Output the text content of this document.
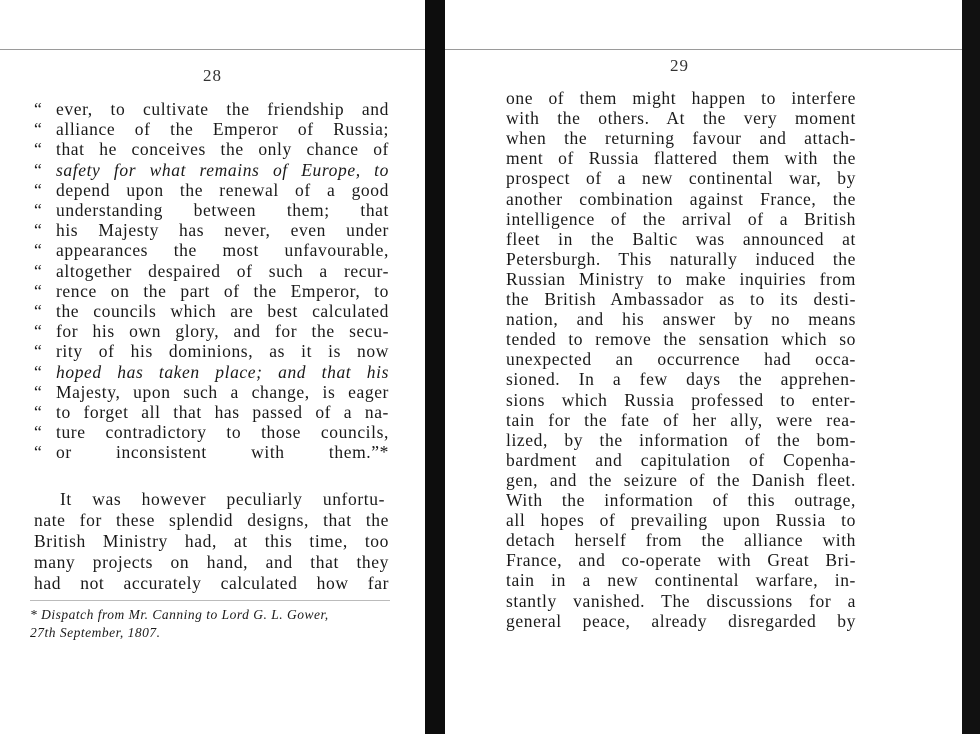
28
“ ever, to cultivate the friendship and
“ alliance of the Emperor of Russia;
“ that he conceives the only chance of
“ safety for what remains of Europe, to
“ depend upon the renewal of a good
“ understanding between them; that
“ his Majesty has never, even under
“ appearances the most unfavourable,
“ altogether despaired of such a recur-
“ rence on the part of the Emperor, to
“ the councils which are best calculated
“ for his own glory, and for the secu-
“ rity of his dominions, as it is now
“ hoped has taken place; and that his
“ Majesty, upon such a change, is eager
“ to forget all that has passed of a na-
“ ture contradictory to those councils,
“ or inconsistent with them.”*
It was however peculiarly unfortu-
nate for these splendid designs, that the
British Ministry had, at this time, too
many projects on hand, and that they
had not accurately calculated how far
* Dispatch from Mr. Canning to Lord G. L. Gower,
27th September, 1807.
29
one of them might happen to interfere
with the others. At the very moment
when the returning favour and attach-
ment of Russia flattered them with the
prospect of a new continental war, by
another combination against France, the
intelligence of the arrival of a British
fleet in the Baltic was announced at
Petersburgh. This naturally induced the
Russian Ministry to make inquiries from
the British Ambassador as to its desti-
nation, and his answer by no means
tended to remove the sensation which so
unexpected an occurrence had occa-
sioned. In a few days the apprehen-
sions which Russia professed to enter-
tain for the fate of her ally, were rea-
lized, by the information of the bom-
bardment and capitulation of Copenha-
gen, and the seizure of the Danish fleet.
With the information of this outrage,
all hopes of prevailing upon Russia to
detach herself from the alliance with
France, and co-operate with Great Bri-
tain in a new continental warfare, in-
stantly vanished. The discussions for a
general peace, already disregarded by
